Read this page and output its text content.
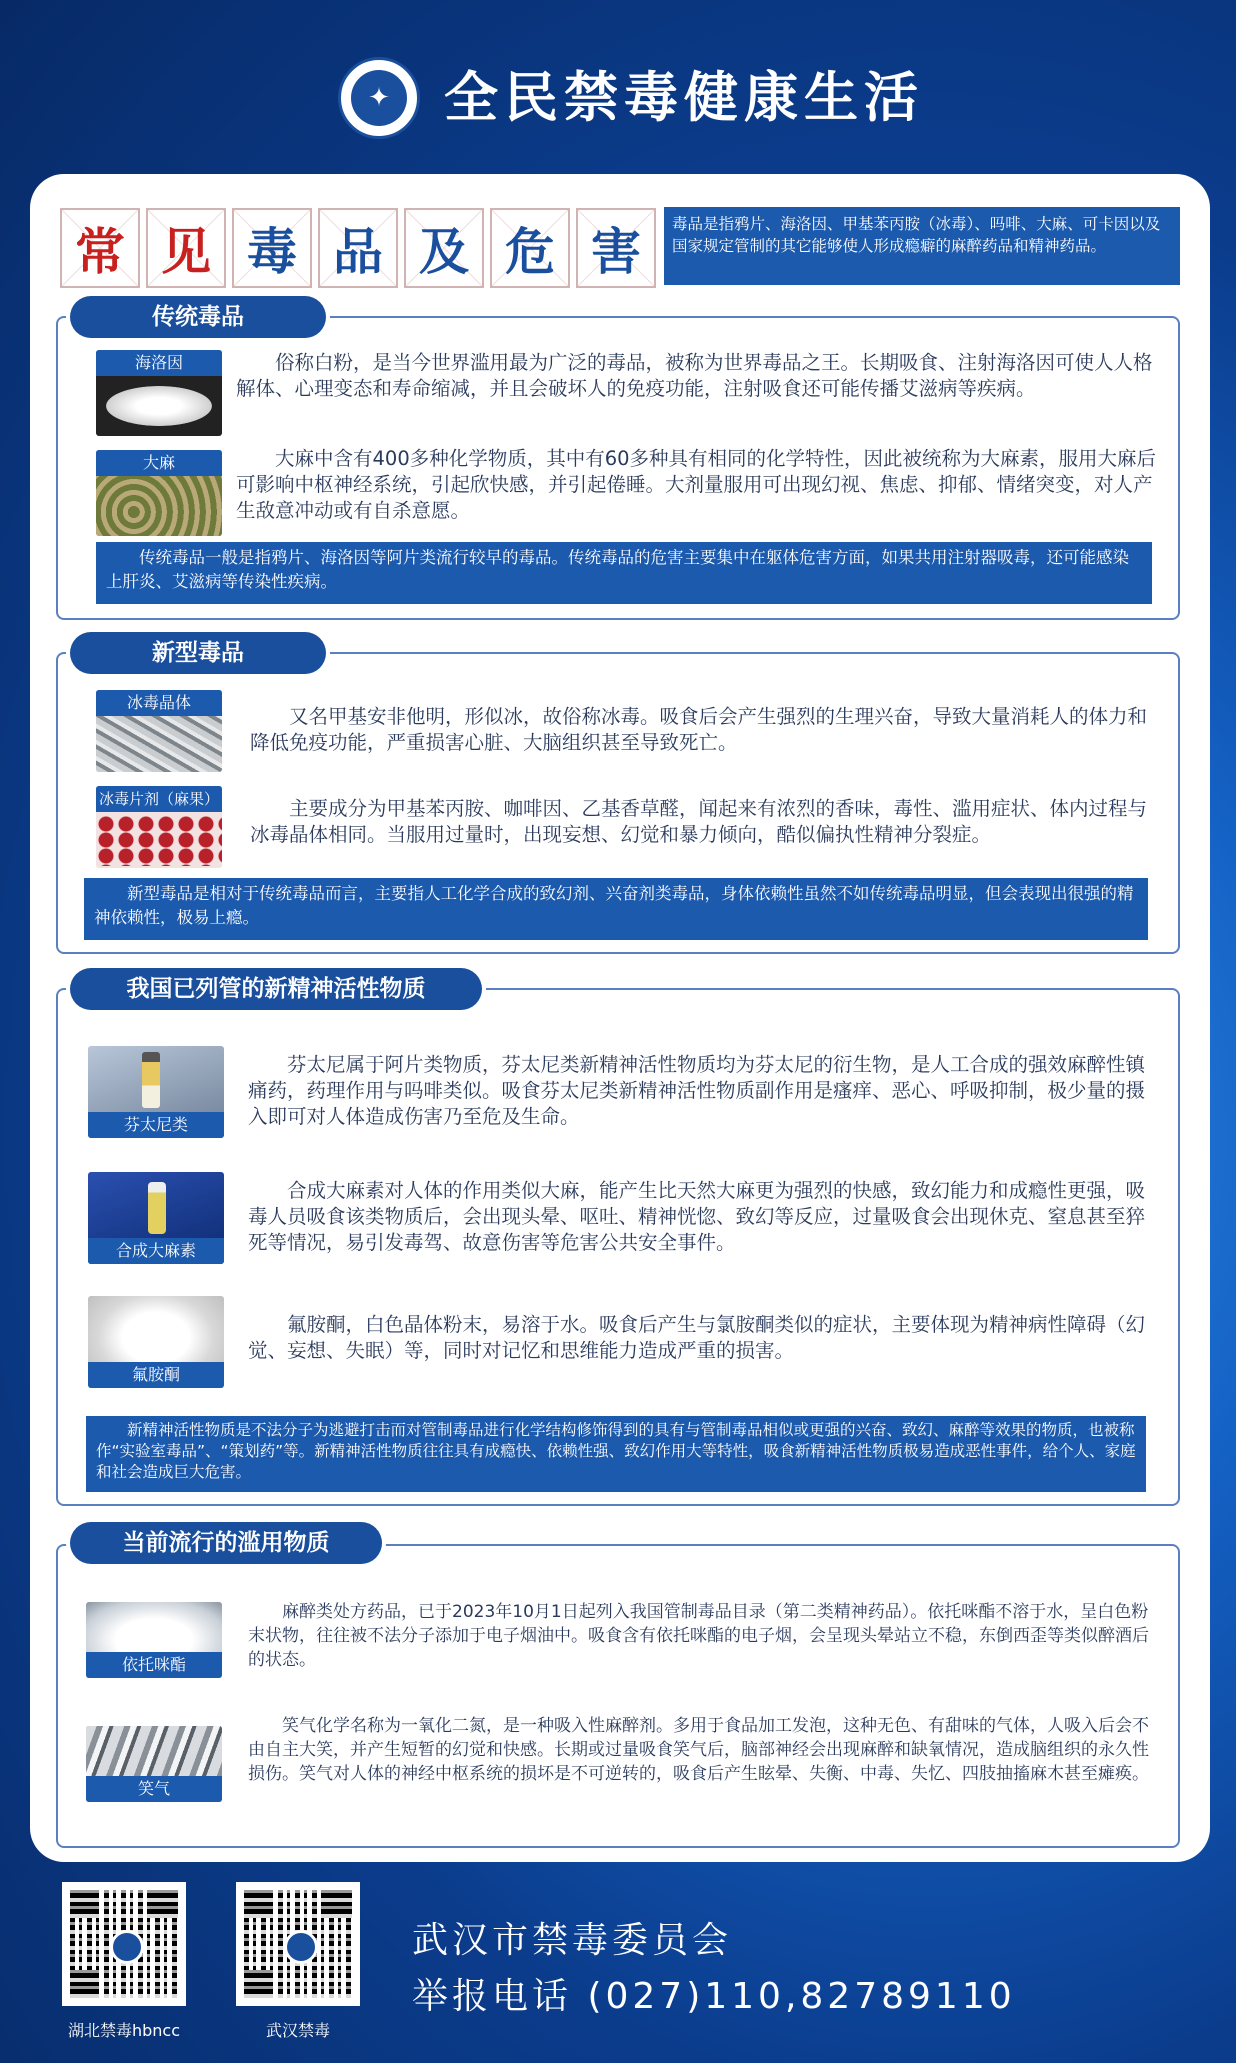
✦	全民禁毒健康生活
常 见 毒 品 及 危 害	毒品是指鸦片、海洛因、甲基苯丙胺（冰毒）、吗啡、大麻、可卡因以及国家规定管制的其它能够使人形成瘾癖的麻醉药品和精神药品。
传统毒品
海洛因	俗称白粉，是当今世界滥用最为广泛的毒品，被称为世界毒品之王。长期吸食、注射海洛因可使人人格解体、心理变态和寿命缩减，并且会破坏人的免疫功能，注射吸食还可能传播艾滋病等疾病。
大麻	大麻中含有400多种化学物质，其中有60多种具有相同的化学特性，因此被统称为大麻素，服用大麻后可影响中枢神经系统，引起欣快感，并引起倦睡。大剂量服用可出现幻视、焦虑、抑郁、情绪突变，对人产生敌意冲动或有自杀意愿。
传统毒品一般是指鸦片、海洛因等阿片类流行较早的毒品。传统毒品的危害主要集中在躯体危害方面，如果共用注射器吸毒，还可能感染上肝炎、艾滋病等传染性疾病。
新型毒品
冰毒晶体
又名甲基安非他明，形似冰，故俗称冰毒。吸食后会产生强烈的生理兴奋，导致大量消耗人的体力和降低免疫功能，严重损害心脏、大脑组织甚至导致死亡。
冰毒片剂（麻果）	主要成分为甲基苯丙胺、咖啡因、乙基香草醛，闻起来有浓烈的香味，毒性、滥用症状、体内过程与冰毒晶体相同。当服用过量时，出现妄想、幻觉和暴力倾向，酷似偏执性精神分裂症。
新型毒品是相对于传统毒品而言，主要指人工化学合成的致幻剂、兴奋剂类毒品，身体依赖性虽然不如传统毒品明显，但会表现出很强的精神依赖性，极易上瘾。
我国已列管的新精神活性物质
芬太尼类
芬太尼属于阿片类物质，芬太尼类新精神活性物质均为芬太尼的衍生物，是人工合成的强效麻醉性镇痛药，药理作用与吗啡类似。吸食芬太尼类新精神活性物质副作用是瘙痒、恶心、呼吸抑制，极少量的摄入即可对人体造成伤害乃至危及生命。
合成大麻素
合成大麻素对人体的作用类似大麻，能产生比天然大麻更为强烈的快感，致幻能力和成瘾性更强，吸毒人员吸食该类物质后，会出现头晕、呕吐、精神恍惚、致幻等反应，过量吸食会出现休克、窒息甚至猝死等情况，易引发毒驾、故意伤害等危害公共安全事件。
氟胺酮
氟胺酮，白色晶体粉末，易溶于水。吸食后产生与氯胺酮类似的症状，主要体现为精神病性障碍（幻觉、妄想、失眠）等，同时对记忆和思维能力造成严重的损害。
新精神活性物质是不法分子为逃避打击而对管制毒品进行化学结构修饰得到的具有与管制毒品相似或更强的兴奋、致幻、麻醉等效果的物质，也被称作“实验室毒品”、“策划药”等。新精神活性物质往往具有成瘾快、依赖性强、致幻作用大等特性，吸食新精神活性物质极易造成恶性事件，给个人、家庭和社会造成巨大危害。
当前流行的滥用物质
依托咪酯
麻醉类处方药品，已于2023年10月1日起列入我国管制毒品目录（第二类精神药品）。依托咪酯不溶于水，呈白色粉末状物，往往被不法分子添加于电子烟油中。吸食含有依托咪酯的电子烟，会呈现头晕站立不稳，东倒西歪等类似醉酒后的状态。
笑气
笑气化学名称为一氧化二氮，是一种吸入性麻醉剂。多用于食品加工发泡，这种无色、有甜味的气体，人吸入后会不由自主大笑，并产生短暂的幻觉和快感。长期或过量吸食笑气后，脑部神经会出现麻醉和缺氧情况，造成脑组织的永久性损伤。笑气对人体的神经中枢系统的损坏是不可逆转的，吸食后产生眩晕、失衡、中毒、失忆、四肢抽搐麻木甚至瘫痪。
湖北禁毒hbncc	武汉禁毒
武汉市禁毒委员会
举报电话 (027)110,82789110
